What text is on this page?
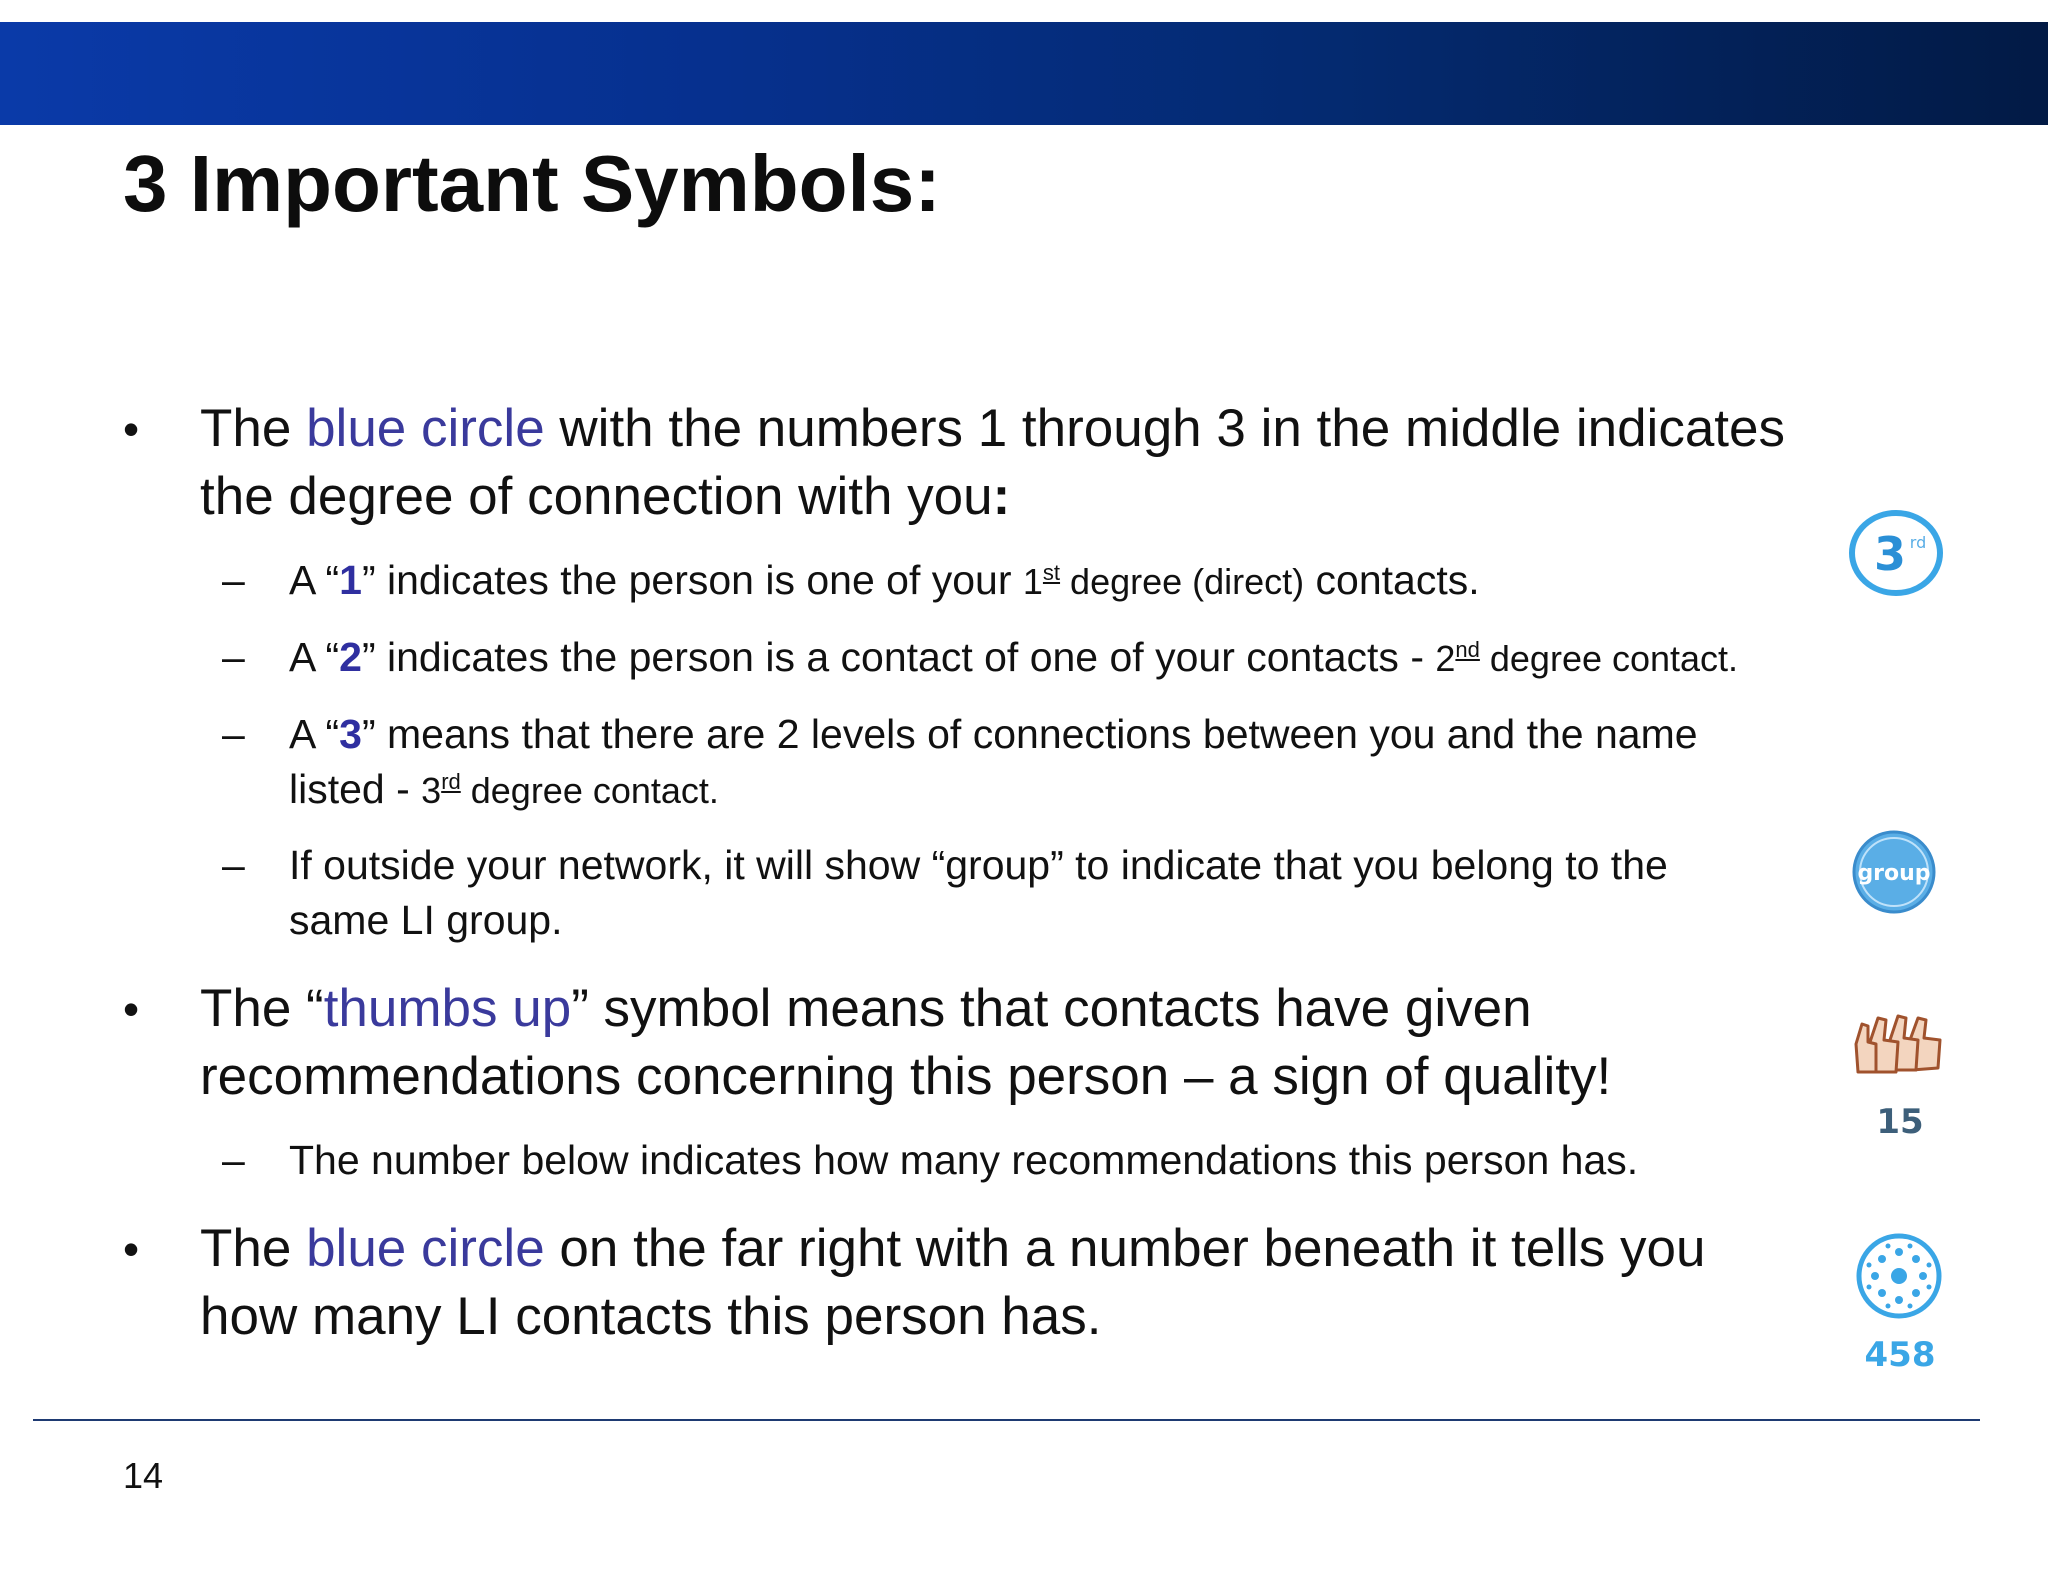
3 Important Symbols:
•	The blue circle with the numbers 1 through 3 in the middle indicates
the degree of connection with you:
– A “1” indicates the person is one of your 1st degree (direct) contacts.
– A “2” indicates the person is a contact of one of your contacts - 2nd degree contact.
– A “3” means that there are 2 levels of connections between you and the name
listed - 3rd degree contact.
– If outside your network, it will show “group” to indicate that you belong to the
same LI group.
•	The “thumbs up” symbol means that contacts have given
recommendations concerning this person – a sign of quality!
– The number below indicates how many recommendations this person has.
•	The blue circle on the far right with a number beneath it tells you
how many LI contacts this person has.
3 rd
group
15
458
14
